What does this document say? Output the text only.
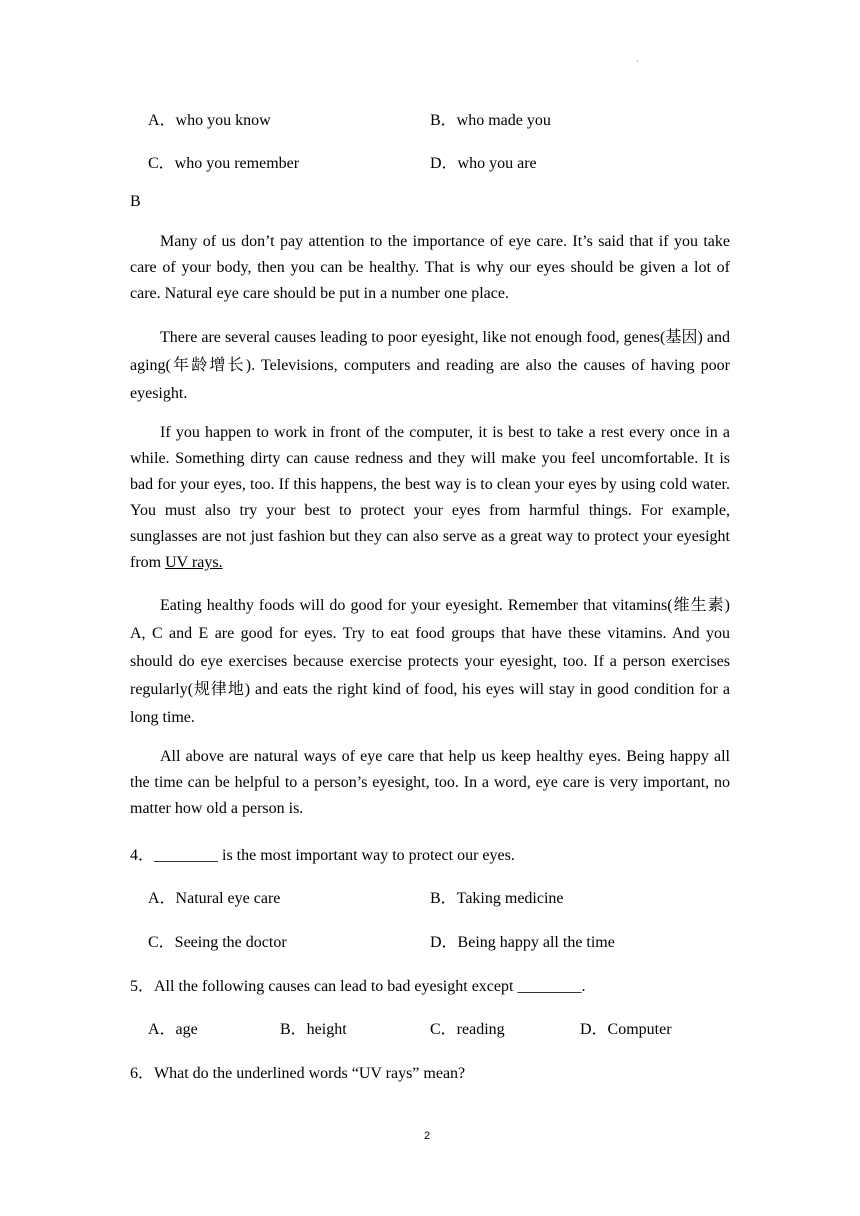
·
A．who you know	B．who made you
C．who you remember	D．who you are
B
Many of us don’t pay attention to the importance of eye care. It’s said that if you take care of your body, then you can be healthy. That is why our eyes should be given a lot of care. Natural eye care should be put in a number one place.
There are several causes leading to poor eyesight, like not enough food, genes(基因) and aging(年龄增长). Televisions, computers and reading are also the causes of having poor eyesight.
If you happen to work in front of the computer, it is best to take a rest every once in a while. Something dirty can cause redness and they will make you feel uncomfortable. It is bad for your eyes, too. If this happens, the best way is to clean your eyes by using cold water. You must also try your best to protect your eyes from harmful things. For example, sunglasses are not just fashion but they can also serve as a great way to protect your eyesight from UV rays.
Eating healthy foods will do good for your eyesight. Remember that vitamins(维生素) A, C and E are good for eyes. Try to eat food groups that have these vitamins. And you should do eye exercises because exercise protects your eyesight, too. If a person exercises regularly(规律地) and eats the right kind of food, his eyes will stay in good condition for a long time.
All above are natural ways of eye care that help us keep healthy eyes. Being happy all the time can be helpful to a person’s eyesight, too. In a word, eye care is very important, no matter how old a person is.
4．________ is the most important way to protect our eyes.
A．Natural eye care	B．Taking medicine
C．Seeing the doctor	D．Being happy all the time
5．All the following causes can lead to bad eyesight except ________.
A．age	B．height	C．reading	D．Computer
6．What do the underlined words “UV rays” mean?
2
